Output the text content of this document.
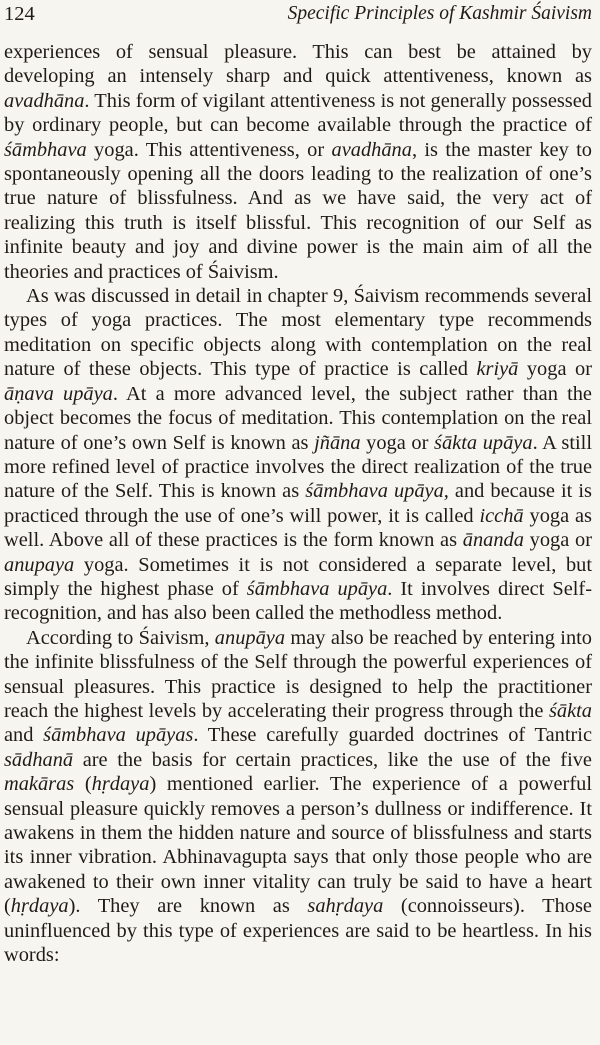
124	Specific Principles of Kashmir Śaivism

experiences of sensual pleasure. This can best be attained by developing an intensely sharp and quick attentiveness, known as avadhāna. This form of vigilant attentiveness is not generally possessed by ordinary people, but can become available through the practice of śāmbhava yoga. This attentiveness, or avadhāna, is the master key to spontaneously opening all the doors leading to the realization of one’s true nature of blissfulness. And as we have said, the very act of realizing this truth is itself blissful. This recognition of our Self as infinite beauty and joy and divine power is the main aim of all the theories and practices of Śaivism.

As was discussed in detail in chapter 9, Śaivism recommends several types of yoga practices. The most elementary type recommends meditation on specific objects along with contemplation on the real nature of these objects. This type of practice is called kriyā yoga or āṇava upāya. At a more advanced level, the subject rather than the object becomes the focus of meditation. This contemplation on the real nature of one’s own Self is known as jñāna yoga or śākta upāya. A still more refined level of practice involves the direct realization of the true nature of the Self. This is known as śāmbhava upāya, and because it is practiced through the use of one’s will power, it is called icchā yoga as well. Above all of these practices is the form known as ānanda yoga or anupaya yoga. Sometimes it is not considered a separate level, but simply the highest phase of śāmbhava upāya. It involves direct Self-recognition, and has also been called the methodless method.

According to Śaivism, anupāya may also be reached by entering into the infinite blissfulness of the Self through the powerful experiences of sensual pleasures. This practice is designed to help the practitioner reach the highest levels by accelerating their progress through the śākta and śāmbhava upāyas. These carefully guarded doctrines of Tantric sādhanā are the basis for certain practices, like the use of the five makāras (hṛdaya) mentioned earlier. The experience of a powerful sensual pleasure quickly removes a person’s dullness or indifference. It awakens in them the hidden nature and source of blissfulness and starts its inner vibration. Abhinavagupta says that only those people who are awakened to their own inner vitality can truly be said to have a heart (hṛdaya). They are known as sahṛdaya (connoisseurs). Those uninfluenced by this type of experiences are said to be heartless. In his words:
